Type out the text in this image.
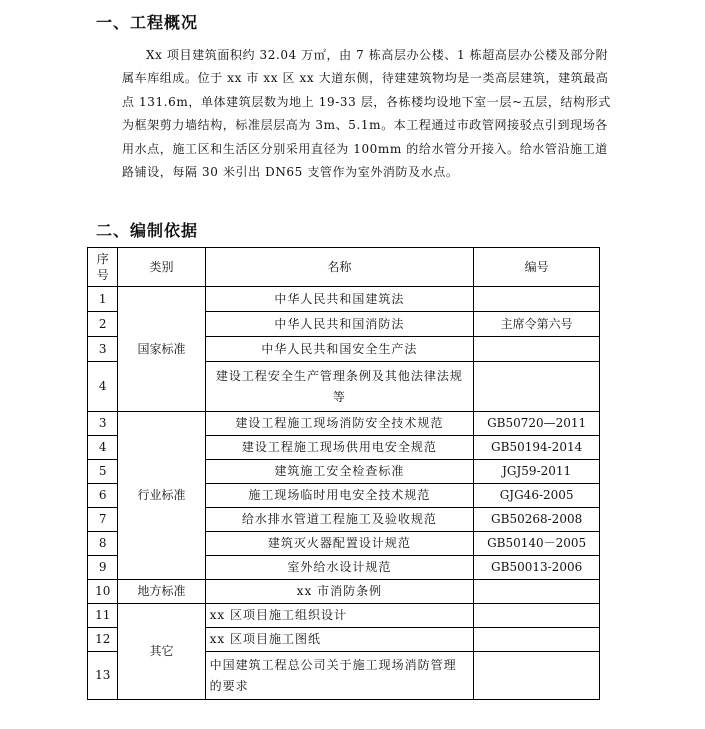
一、工程概况

Xx 项目建筑面积约 32.04 万㎡，由 7 栋高层办公楼、1 栋超高层办公楼及部分附属车库组成。位于 xx 市 xx 区 xx 大道东侧，待建建筑物均是一类高层建筑，建筑最高点 131.6m，单体建筑层数为地上 19-33 层，各栋楼均设地下室一层~五层，结构形式为框架剪力墙结构，标准层层高为 3m、5.1m。本工程通过市政管网接驳点引到现场各用水点，施工区和生活区分别采用直径为 100mm 的给水管分开接入。给水管沿施工道路铺设，每隔 30 米引出 DN65 支管作为室外消防及水点。

二、编制依据
序号	类别	名称	编号
1	国家标准	中华人民共和国建筑法	
2		中华人民共和国消防法	主席令第六号
3		中华人民共和国安全生产法	
4		建设工程安全生产管理条例及其他法律法规等	
3	行业标准	建设工程施工现场消防安全技术规范	GB50720—2011
4		建设工程施工现场供用电安全规范	GB50194-2014
5		建筑施工安全检查标准	JGJ59-2011
6		施工现场临时用电安全技术规范	GJG46-2005
7		给水排水管道工程施工及验收规范	GB50268-2008
8		建筑灭火器配置设计规范	GB50140－2005
9		室外给水设计规范	GB50013-2006
10	地方标准	xx 市消防条例	
11	其它	xx 区项目施工组织设计	
12		xx 区项目施工图纸	
13		中国建筑工程总公司关于施工现场消防管理的要求	
